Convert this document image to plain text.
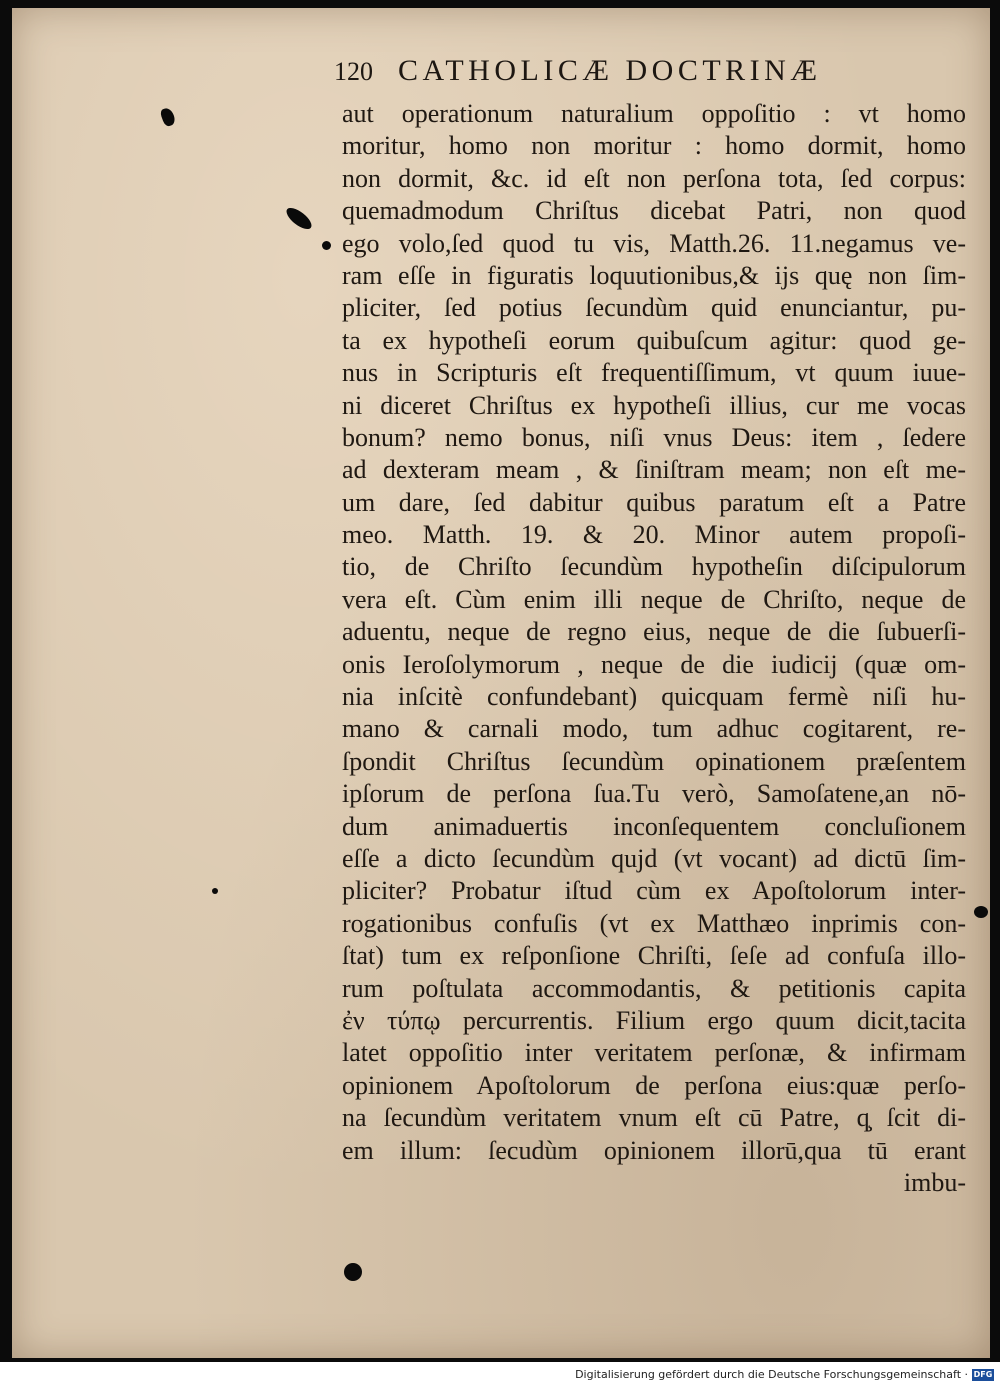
120 CATHOLICÆ DOCTRINÆ
aut operationum naturalium oppoſitio : vt homo
moritur, homo non moritur : homo dormit, homo
non dormit, &c. id eſt non perſona tota, ſed corpus:
quemadmodum Chriſtus dicebat Patri, non quod
ego volo,ſed quod tu vis, Matth.26. 11.negamus ve-
ram eſſe in figuratis loquutionibus,& ijs quę non ſim-
pliciter, ſed potius ſecundùm quid enunciantur, pu-
ta ex hypotheſi eorum quibuſcum agitur: quod ge-
nus in Scripturis eſt frequentiſſimum, vt quum iuue-
ni diceret Chriſtus ex hypotheſi illius, cur me vocas
bonum? nemo bonus, niſi vnus Deus: item , ſedere
ad dexteram meam , & ſiniſtram meam; non eſt me-
um dare, ſed dabitur quibus paratum eſt a Patre
meo. Matth. 19. & 20. Minor autem propoſi-
tio, de Chriſto ſecundùm hypotheſin diſcipulorum
vera eſt. Cùm enim illi neque de Chriſto, neque de
aduentu, neque de regno eius, neque de die ſubuerſi-
onis Ieroſolymorum , neque de die iudicij (quæ om-
nia inſcitè confundebant) quicquam fermè niſi hu-
mano & carnali modo, tum adhuc cogitarent, re-
ſpondit Chriſtus ſecundùm opinationem præſentem
ipſorum de perſona ſua.Tu verò, Samoſatene,an nō-
dum animaduertis inconſequentem concluſionem
eſſe a dicto ſecundùm qujd (vt vocant) ad dictū ſim-
pliciter? Probatur iſtud cùm ex Apoſtolorum inter-
rogationibus confuſis (vt ex Matthæo inprimis con-
ſtat) tum ex reſponſione Chriſti, ſeſe ad confuſa illo-
rum poſtulata accommodantis, & petitionis capita
ἐν τύπῳ percurrentis. Filium ergo quum dicit,tacita
latet oppoſitio inter veritatem perſonæ, & infirmam
opinionem Apoſtolorum de perſona eius:quæ perſo-
na ſecundùm veritatem vnum eſt cū Patre, q̧ ſcit di-
em illum: ſecudùm opinionem illorū,qua tū erant
imbu-
Digitalisierung gefördert durch die Deutsche Forschungsgemeinschaft · DFG
